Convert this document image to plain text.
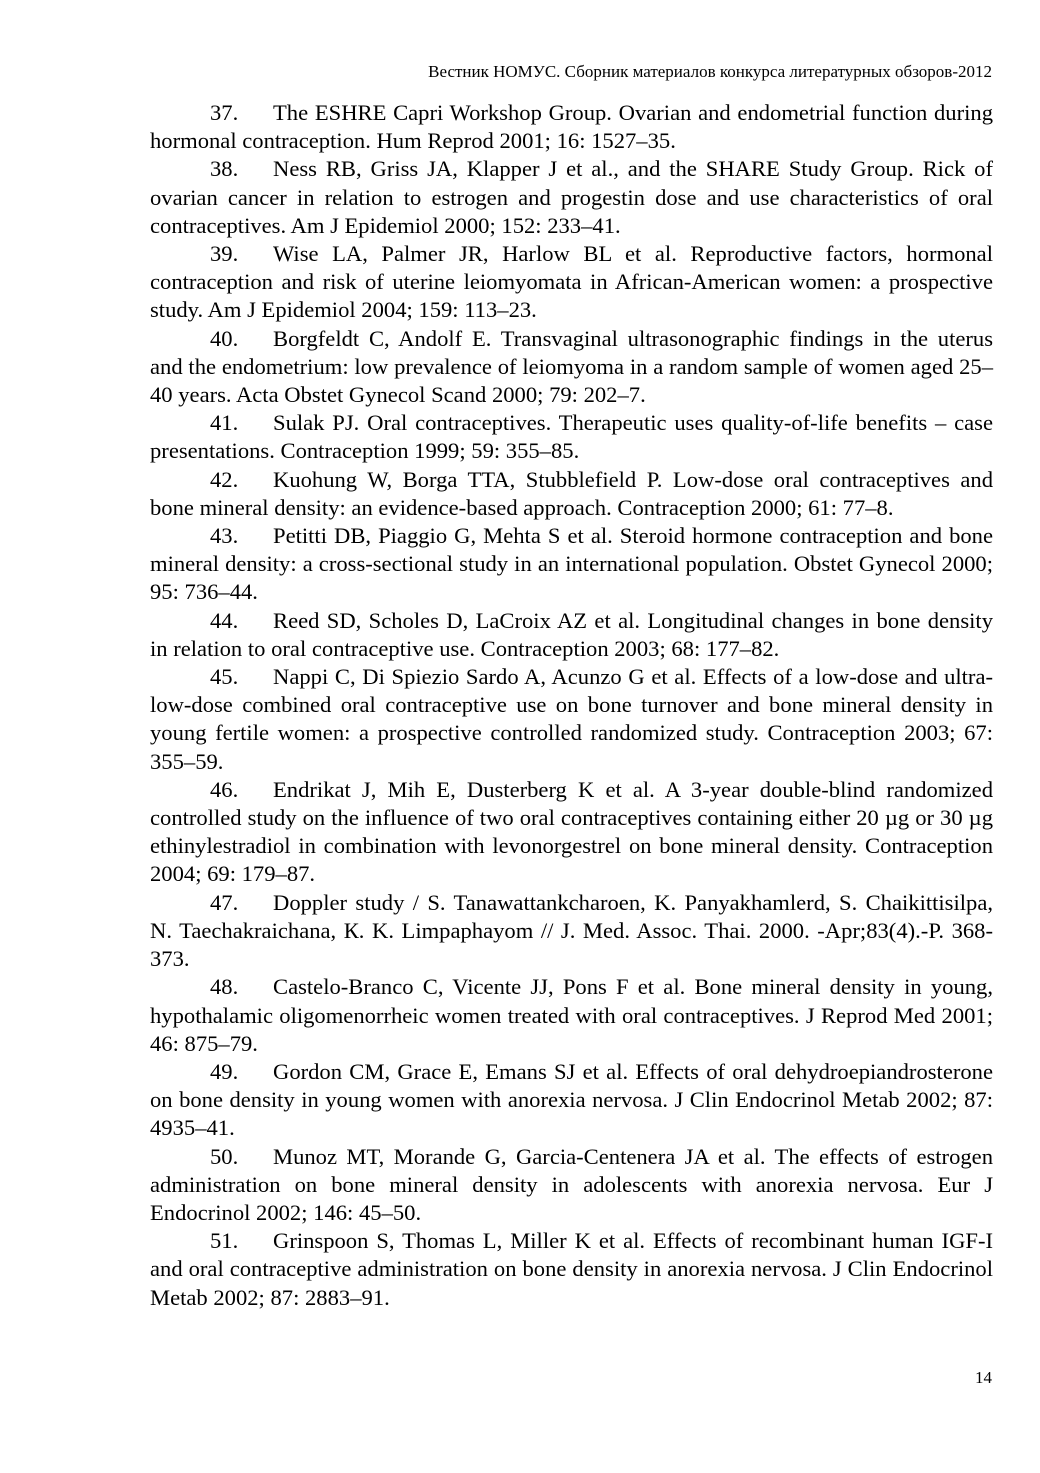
Вестник НОМУС. Сборник материалов конкурса литературных обзоров-2012
37. The ESHRE Capri Workshop Group. Ovarian and endometrial function during hormonal contraception. Hum Reprod 2001; 16: 1527–35.
38. Ness RB, Griss JA, Klapper J et al., and the SHARE Study Group. Rick of ovarian cancer in relation to estrogen and progestin dose and use characteristics of oral contraceptives. Am J Epidemiol 2000; 152: 233–41.
39. Wise LA, Palmer JR, Harlow BL et al. Reproductive factors, hormonal contraception and risk of uterine leiomyomata in African-American women: a prospective study. Am J Epidemiol 2004; 159: 113–23.
40. Borgfeldt C, Andolf E. Transvaginal ultrasonographic findings in the uterus and the endometrium: low prevalence of leiomyoma in a random sample of women aged 25–40 years. Acta Obstet Gynecol Scand 2000; 79: 202–7.
41. Sulak PJ. Oral contraceptives. Therapeutic uses quality-of-life benefits – case presentations. Contraception 1999; 59: 355–85.
42. Kuohung W, Borga TTA, Stubblefield P. Low-dose oral contraceptives and bone mineral density: an evidence-based approach. Contraception 2000; 61: 77–8.
43. Petitti DB, Piaggio G, Mehta S et al. Steroid hormone contraception and bone mineral density: a cross-sectional study in an international population. Obstet Gynecol 2000; 95: 736–44.
44. Reed SD, Scholes D, LaCroix AZ et al. Longitudinal changes in bone density in relation to oral contraceptive use. Contraception 2003; 68: 177–82.
45. Nappi C, Di Spiezio Sardo A, Acunzo G et al. Effects of a low-dose and ultra-low-dose combined oral contraceptive use on bone turnover and bone mineral density in young fertile women: a prospective controlled randomized study. Contraception 2003; 67: 355–59.
46. Endrikat J, Mih E, Dusterberg K et al. A 3-year double-blind randomized controlled study on the influence of two oral contraceptives containing either 20 µg or 30 µg ethinylestradiol in combination with levonorgestrel on bone mineral density. Contraception 2004; 69: 179–87.
47. Doppler study / S. Tanawattankcharoen, K. Panyakhamlerd, S. Chaikittisilpa, N. Taechakraichana, К. K. Limpaphayom // J. Med. Assoc. Thai. 2000. -Apr;83(4).-P. 368-373.
48. Castelo-Branco C, Vicente JJ, Pons F et al. Bone mineral density in young, hypothalamic oligomenorrheic women treated with oral contraceptives. J Reprod Med 2001; 46: 875–79.
49. Gordon CM, Grace E, Emans SJ et al. Effects of oral dehydroepiandrosterone on bone density in young women with anorexia nervosa. J Clin Endocrinol Metab 2002; 87: 4935–41.
50. Munoz MT, Morande G, Garcia-Centenera JA et al. The effects of estrogen administration on bone mineral density in adolescents with anorexia nervosa. Eur J Endocrinol 2002; 146: 45–50.
51. Grinspoon S, Thomas L, Miller K et al. Effects of recombinant human IGF-I and oral contraceptive administration on bone density in anorexia nervosa. J Clin Endocrinol Metab 2002; 87: 2883–91.
14
